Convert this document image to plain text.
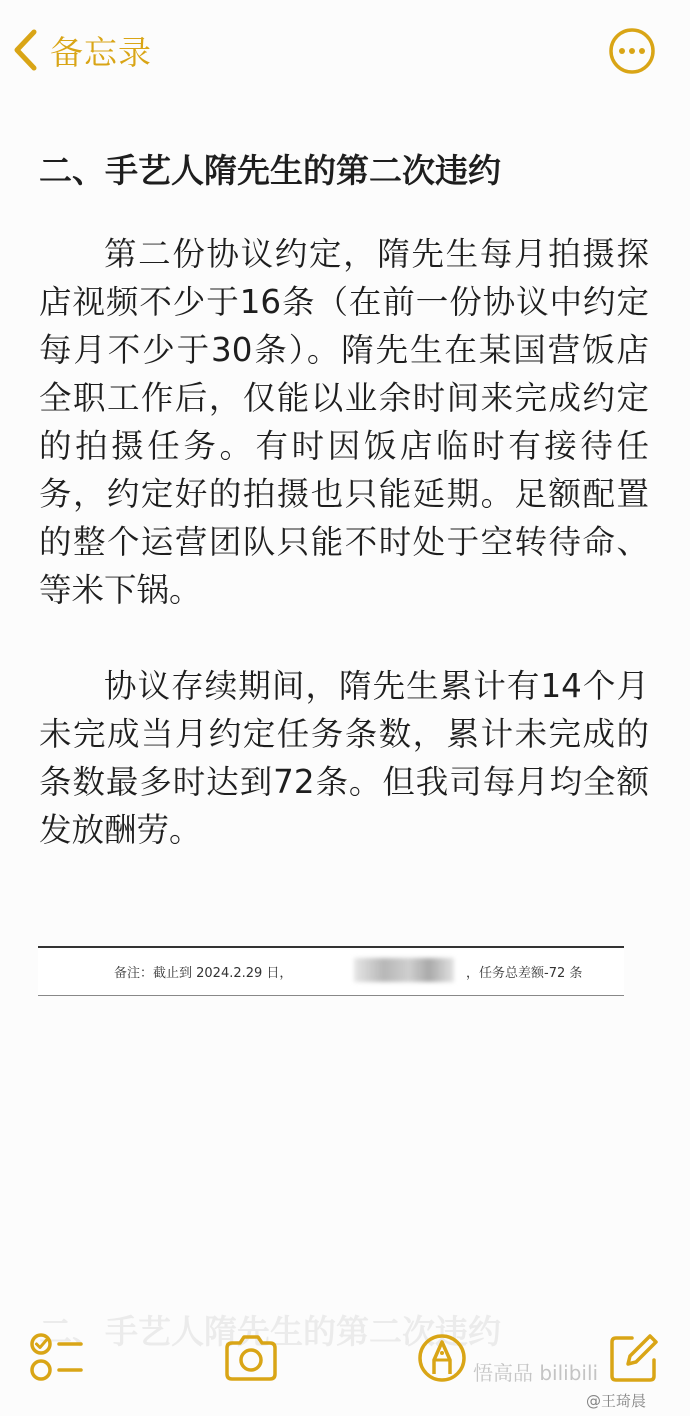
备忘录

二、手艺人隋先生的第二次违约

第二份协议约定，隋先生每月拍摄探店视频不少于16条（在前一份协议中约定每月不少于30条）。隋先生在某国营饭店全职工作后，仅能以业余时间来完成约定的拍摄任务。有时因饭店临时有接待任务，约定好的拍摄也只能延期。足额配置的整个运营团队只能不时处于空转待命、等米下锅。

协议存续期间，隋先生累计有14个月未完成当月约定任务条数，累计未完成的条数最多时达到72条。但我司每月均全额发放酬劳。

备注：截止到 2024.2.29 日，	，任务总差额-72 条
二、手艺人隋先生的第二次违约
悟高品 bilibili
@王琦晨
